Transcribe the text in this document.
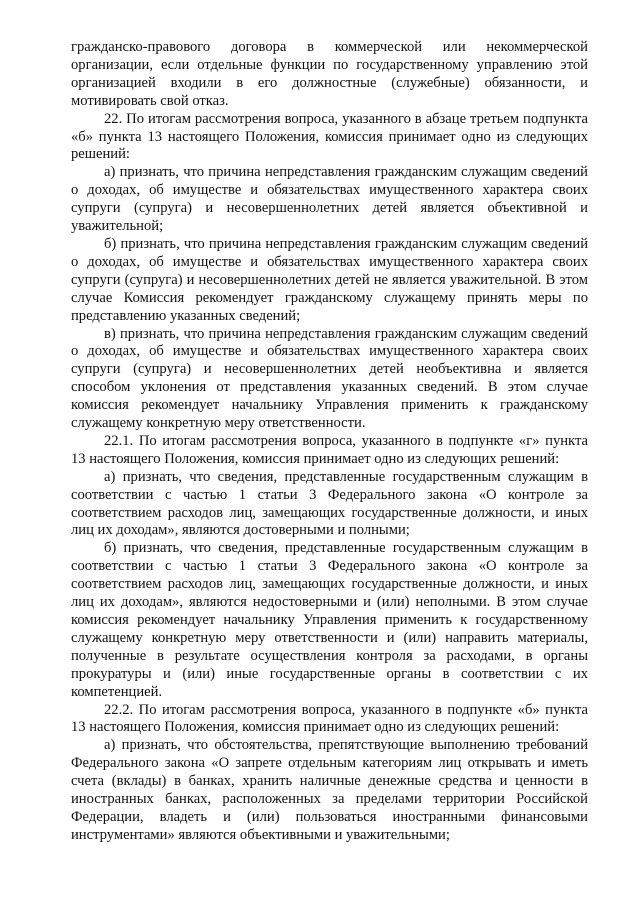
гражданско-правового договора в коммерческой или некоммерческой организации, если отдельные функции по государственному управлению этой организацией входили в его должностные (служебные) обязанности, и мотивировать свой отказ.

22. По итогам рассмотрения вопроса, указанного в абзаце третьем подпункта «б» пункта 13 настоящего Положения, комиссия принимает одно из следующих решений:

а) признать, что причина непредставления гражданским служащим сведений о доходах, об имуществе и обязательствах имущественного характера своих супруги (супруга) и несовершеннолетних детей является объективной и уважительной;

б) признать, что причина непредставления гражданским служащим сведений о доходах, об имуществе и обязательствах имущественного характера своих супруги (супруга) и несовершеннолетних детей не является уважительной. В этом случае Комиссия рекомендует гражданскому служащему принять меры по представлению указанных сведений;

в) признать, что причина непредставления гражданским служащим сведений о доходах, об имуществе и обязательствах имущественного характера своих супруги (супруга) и несовершеннолетних детей необъективна и является способом уклонения от представления указанных сведений. В этом случае комиссия рекомендует начальнику Управления применить к гражданскому служащему конкретную меру ответственности.

22.1. По итогам рассмотрения вопроса, указанного в подпункте «г» пункта 13 настоящего Положения, комиссия принимает одно из следующих решений:

а) признать, что сведения, представленные государственным служащим в соответствии с частью 1 статьи 3 Федерального закона «О контроле за соответствием расходов лиц, замещающих государственные должности, и иных лиц их доходам», являются достоверными и полными;

б) признать, что сведения, представленные государственным служащим в соответствии с частью 1 статьи 3 Федерального закона «О контроле за соответствием расходов лиц, замещающих государственные должности, и иных лиц их доходам», являются недостоверными и (или) неполными. В этом случае комиссия рекомендует начальнику Управления применить к государственному служащему конкретную меру ответственности и (или) направить материалы, полученные в результате осуществления контроля за расходами, в органы прокуратуры и (или) иные государственные органы в соответствии с их компетенцией.

22.2. По итогам рассмотрения вопроса, указанного в подпункте «б» пункта 13 настоящего Положения, комиссия принимает одно из следующих решений:

а) признать, что обстоятельства, препятствующие выполнению требований Федерального закона «О запрете отдельным категориям лиц открывать и иметь счета (вклады) в банках, хранить наличные денежные средства и ценности в иностранных банках, расположенных за пределами территории Российской Федерации, владеть и (или) пользоваться иностранными финансовыми инструментами» являются объективными и уважительными;
